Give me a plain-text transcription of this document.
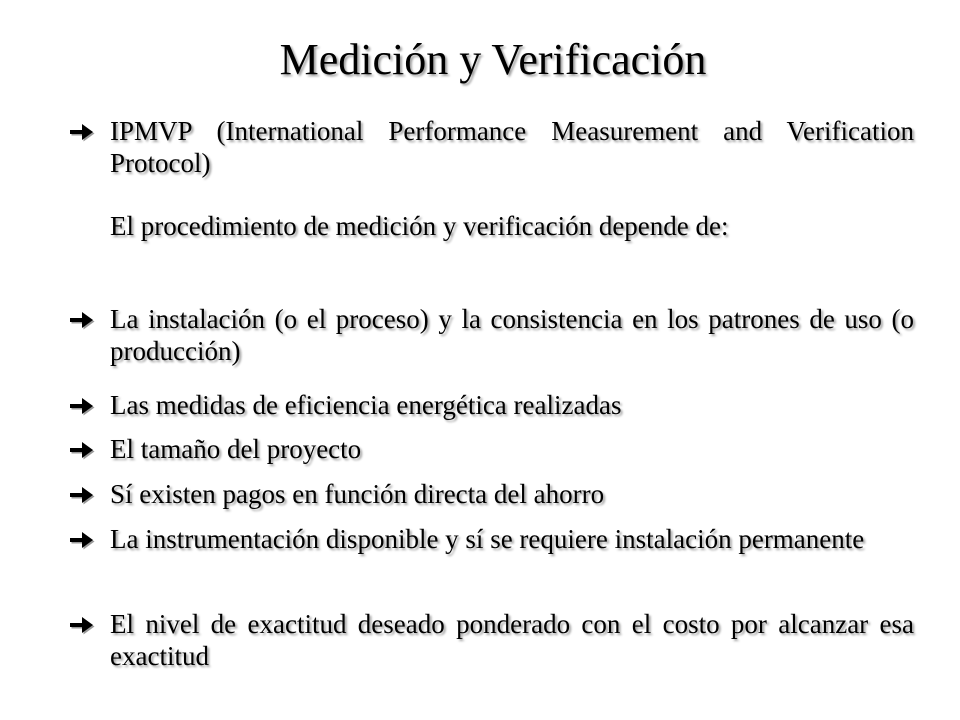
Medición y Verificación
IPMVP (International Performance Measurement and Verification Protocol)
El procedimiento de medición y verificación depende de:
La instalación (o el proceso) y la consistencia en los patrones de uso (o producción)
Las medidas de eficiencia energética realizadas
El tamaño del proyecto
Sí existen pagos en función directa del ahorro
La instrumentación disponible y sí se requiere instalación permanente
El nivel de exactitud deseado ponderado con el costo por alcanzar esa exactitud
